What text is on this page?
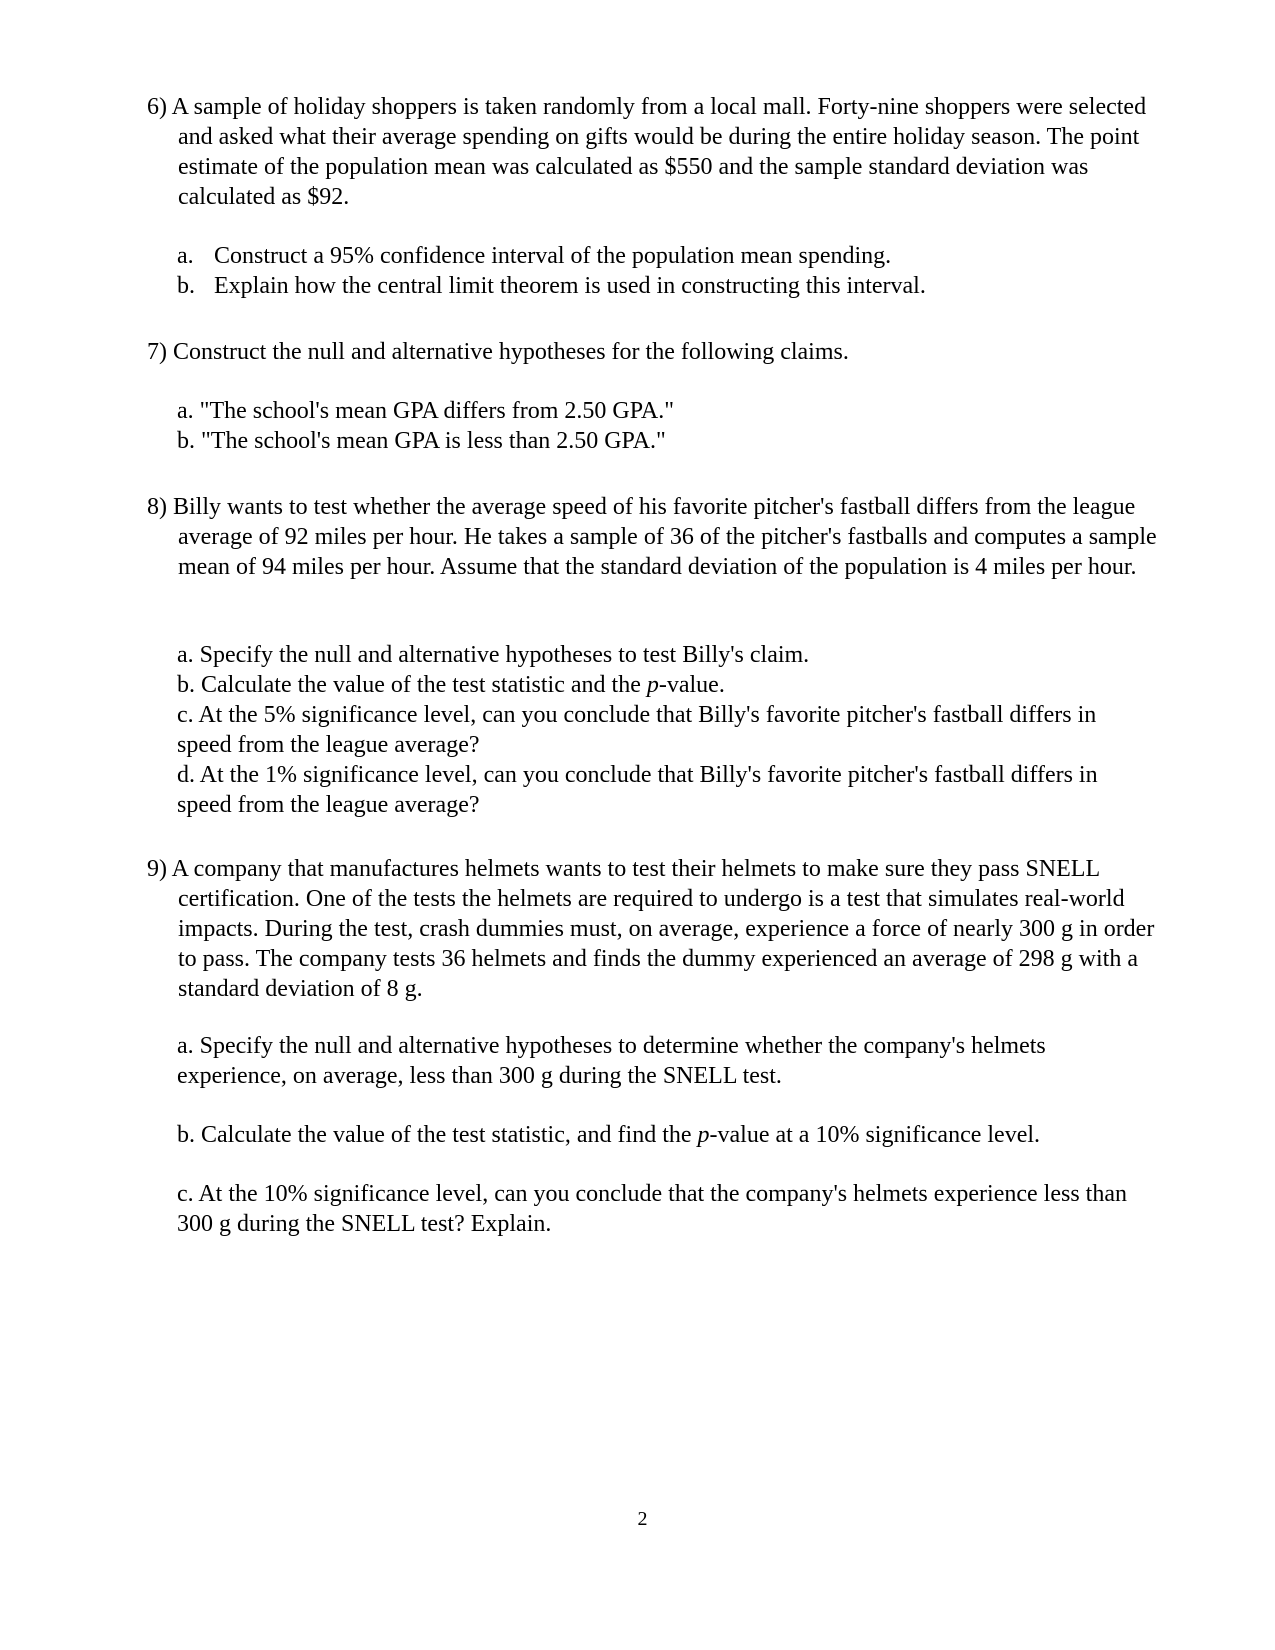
6) A sample of holiday shoppers is taken randomly from a local mall. Forty-nine shoppers were selected and asked what their average spending on gifts would be during the entire holiday season. The point estimate of the population mean was calculated as $550 and the sample standard deviation was calculated as $92.

a. Construct a 95% confidence interval of the population mean spending.
b. Explain how the central limit theorem is used in constructing this interval.

7) Construct the null and alternative hypotheses for the following claims.

a. "The school's mean GPA differs from 2.50 GPA."
b. "The school's mean GPA is less than 2.50 GPA."

8) Billy wants to test whether the average speed of his favorite pitcher's fastball differs from the league average of 92 miles per hour. He takes a sample of 36 of the pitcher's fastballs and computes a sample mean of 94 miles per hour. Assume that the standard deviation of the population is 4 miles per hour.

a. Specify the null and alternative hypotheses to test Billy's claim.
b. Calculate the value of the test statistic and the p-value.
c. At the 5% significance level, can you conclude that Billy's favorite pitcher's fastball differs in speed from the league average?
d. At the 1% significance level, can you conclude that Billy's favorite pitcher's fastball differs in speed from the league average?

9) A company that manufactures helmets wants to test their helmets to make sure they pass SNELL certification. One of the tests the helmets are required to undergo is a test that simulates real-world impacts. During the test, crash dummies must, on average, experience a force of nearly 300 g in order to pass. The company tests 36 helmets and finds the dummy experienced an average of 298 g with a standard deviation of 8 g.

a. Specify the null and alternative hypotheses to determine whether the company's helmets experience, on average, less than 300 g during the SNELL test.
b. Calculate the value of the test statistic, and find the p-value at a 10% significance level.
c. At the 10% significance level, can you conclude that the company's helmets experience less than 300 g during the SNELL test? Explain.
2
